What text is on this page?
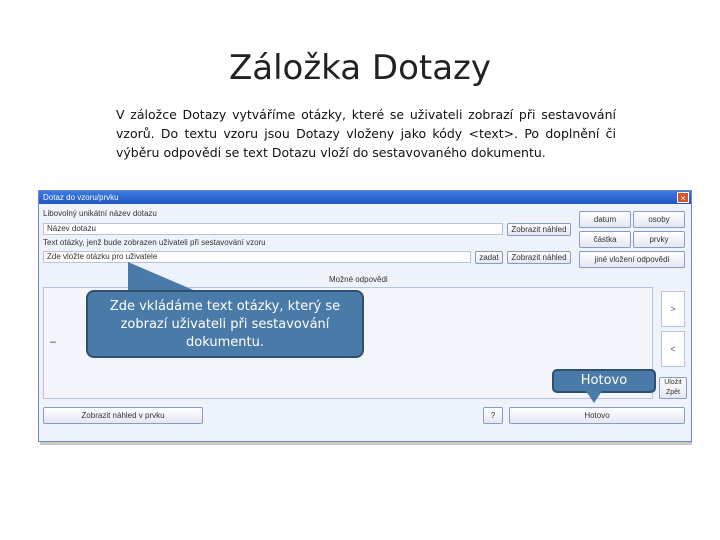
Záložka Dotazy
V záložce Dotazy vytváříme otázky, které se uživateli zobrazí při sestavování vzorů. Do textu vzoru jsou Dotazy vloženy jako kódy <text>. Po doplnění či výběru odpovědi se text Dotazu vloží do sestavovaného dokumentu.
Dotaz do vzoru/prvku	×
Libovolný unikátní název dotazu
Název dotazu	Zobrazit náhled
Text otázky, jenž bude zobrazen uživateli při sestavování vzoru
Zde vložte otázku pro uživatele	zadat	Zobrazit náhled
datum	osoby
částka	prvky
jiné vložení odpovědi
Možné odpovědi
–
>
<
Uložit
Zpět
Zobrazit náhled v prvku	?	Hotovo
Zde vkládáme text otázky, který se zobrazí uživateli při sestavování dokumentu.
Hotovo
